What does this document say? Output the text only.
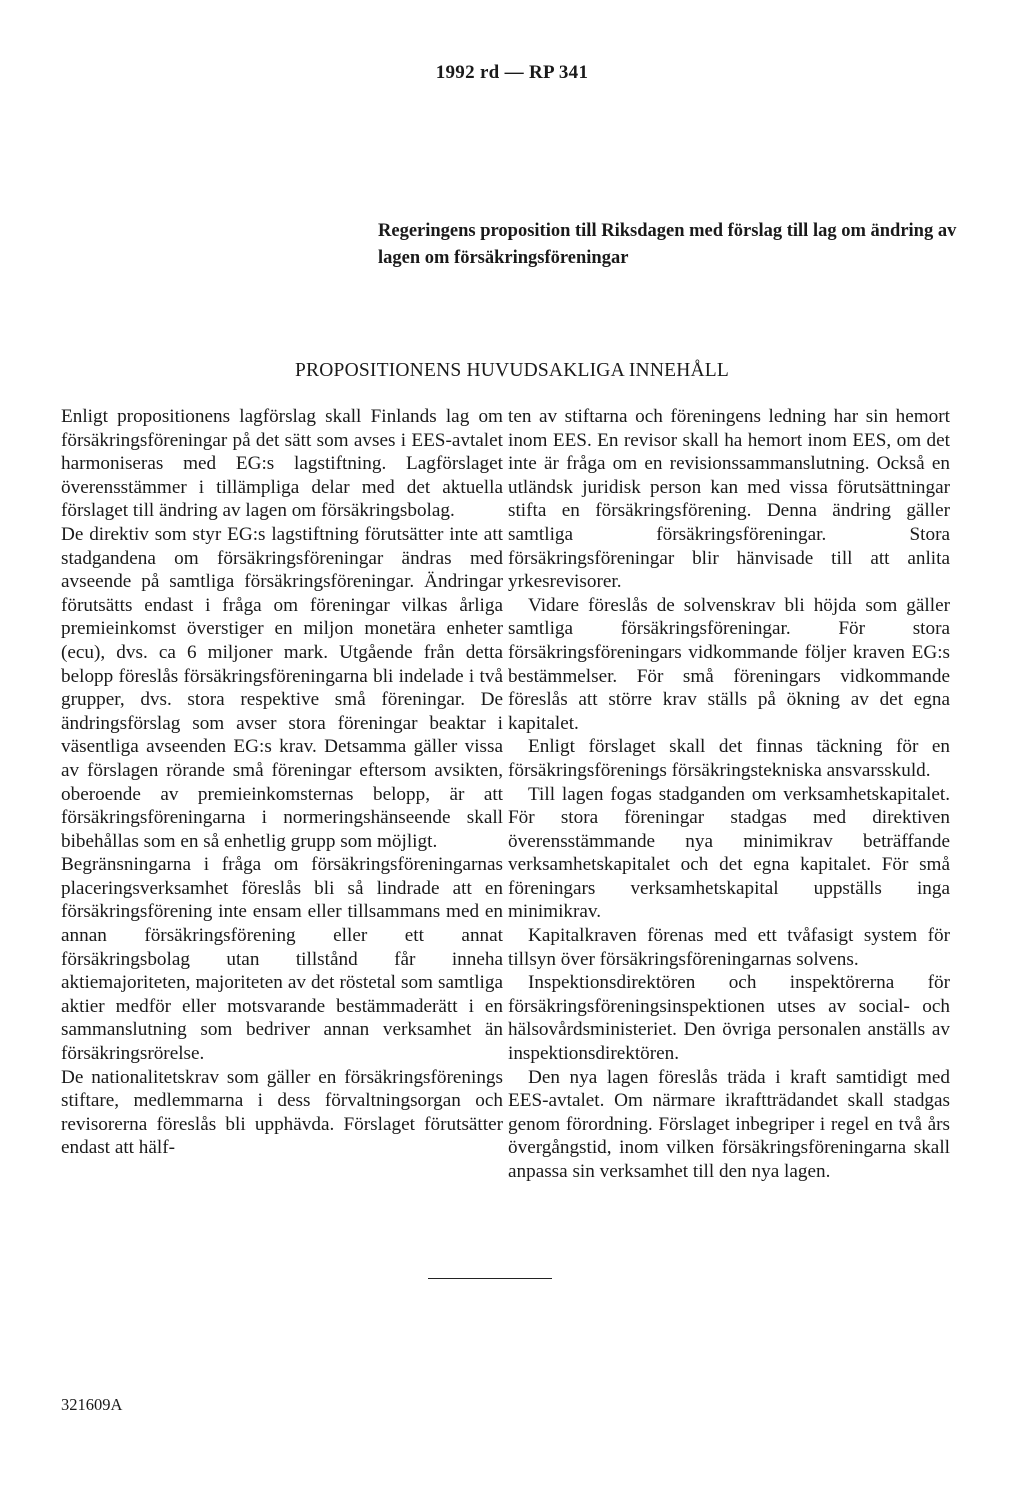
1992 rd — RP 341
Regeringens proposition till Riksdagen med förslag till lag om ändring av lagen om försäkringsföreningar
PROPOSITIONENS HUVUDSAKLIGA INNEHÅLL

Enligt propositionens lagförslag skall Finlands lag om försäkringsföreningar på det sätt som avses i EES-avtalet harmoniseras med EG:s lagstiftning. Lagförslaget överensstämmer i tillämpliga delar med det aktuella förslaget till ändring av lagen om försäkringsbolag.

De direktiv som styr EG:s lagstiftning förutsätter inte att stadgandena om försäkringsföreningar ändras med avseende på samtliga försäkringsföreningar. Ändringar förutsätts endast i fråga om föreningar vilkas årliga premieinkomst överstiger en miljon monetära enheter (ecu), dvs. ca 6 miljoner mark. Utgående från detta belopp föreslås försäkringsföreningarna bli indelade i två grupper, dvs. stora respektive små föreningar. De ändringsförslag som avser stora föreningar beaktar i väsentliga avseenden EG:s krav. Detsamma gäller vissa av förslagen rörande små föreningar eftersom avsikten, oberoende av premieinkomsternas belopp, är att försäkringsföreningarna i normeringshänseende skall bibehållas som en så enhetlig grupp som möjligt.

Begränsningarna i fråga om försäkringsföreningarnas placeringsverksamhet föreslås bli så lindrade att en försäkringsförening inte ensam eller tillsammans med en annan försäkringsförening eller ett annat försäkringsbolag utan tillstånd får inneha aktiemajoriteten, majoriteten av det röstetal som samtliga aktier medför eller motsvarande bestämmaderätt i en sammanslutning som bedriver annan verksamhet än försäkringsrörelse.

De nationalitetskrav som gäller en försäkringsförenings stiftare, medlemmarna i dess förvaltningsorgan och revisorerna föreslås bli upphävda. Förslaget förutsätter endast att hälf-

ten av stiftarna och föreningens ledning har sin hemort inom EES. En revisor skall ha hemort inom EES, om det inte är fråga om en revisionssammanslutning. Också en utländsk juridisk person kan med vissa förutsättningar stifta en försäkringsförening. Denna ändring gäller samtliga försäkringsföreningar. Stora försäkringsföreningar blir hänvisade till att anlita yrkesrevisorer.

Vidare föreslås de solvenskrav bli höjda som gäller samtliga försäkringsföreningar. För stora försäkringsföreningars vidkommande följer kraven EG:s bestämmelser. För små föreningars vidkommande föreslås att större krav ställs på ökning av det egna kapitalet.

Enligt förslaget skall det finnas täckning för en försäkringsförenings försäkringstekniska ansvarsskuld.

Till lagen fogas stadganden om verksamhetskapitalet. För stora föreningar stadgas med direktiven överensstämmande nya minimikrav beträffande verksamhetskapitalet och det egna kapitalet. För små föreningars verksamhetskapital uppställs inga minimikrav.

Kapitalkraven förenas med ett tvåfasigt system för tillsyn över försäkringsföreningarnas solvens.

Inspektionsdirektören och inspektörerna för försäkringsföreningsinspektionen utses av social- och hälsovårdsministeriet. Den övriga personalen anställs av inspektionsdirektören.

Den nya lagen föreslås träda i kraft samtidigt med EES-avtalet. Om närmare ikraftträdandet skall stadgas genom förordning. Förslaget inbegriper i regel en två års övergångstid, inom vilken försäkringsföreningarna skall anpassa sin verksamhet till den nya lagen.

321609A
